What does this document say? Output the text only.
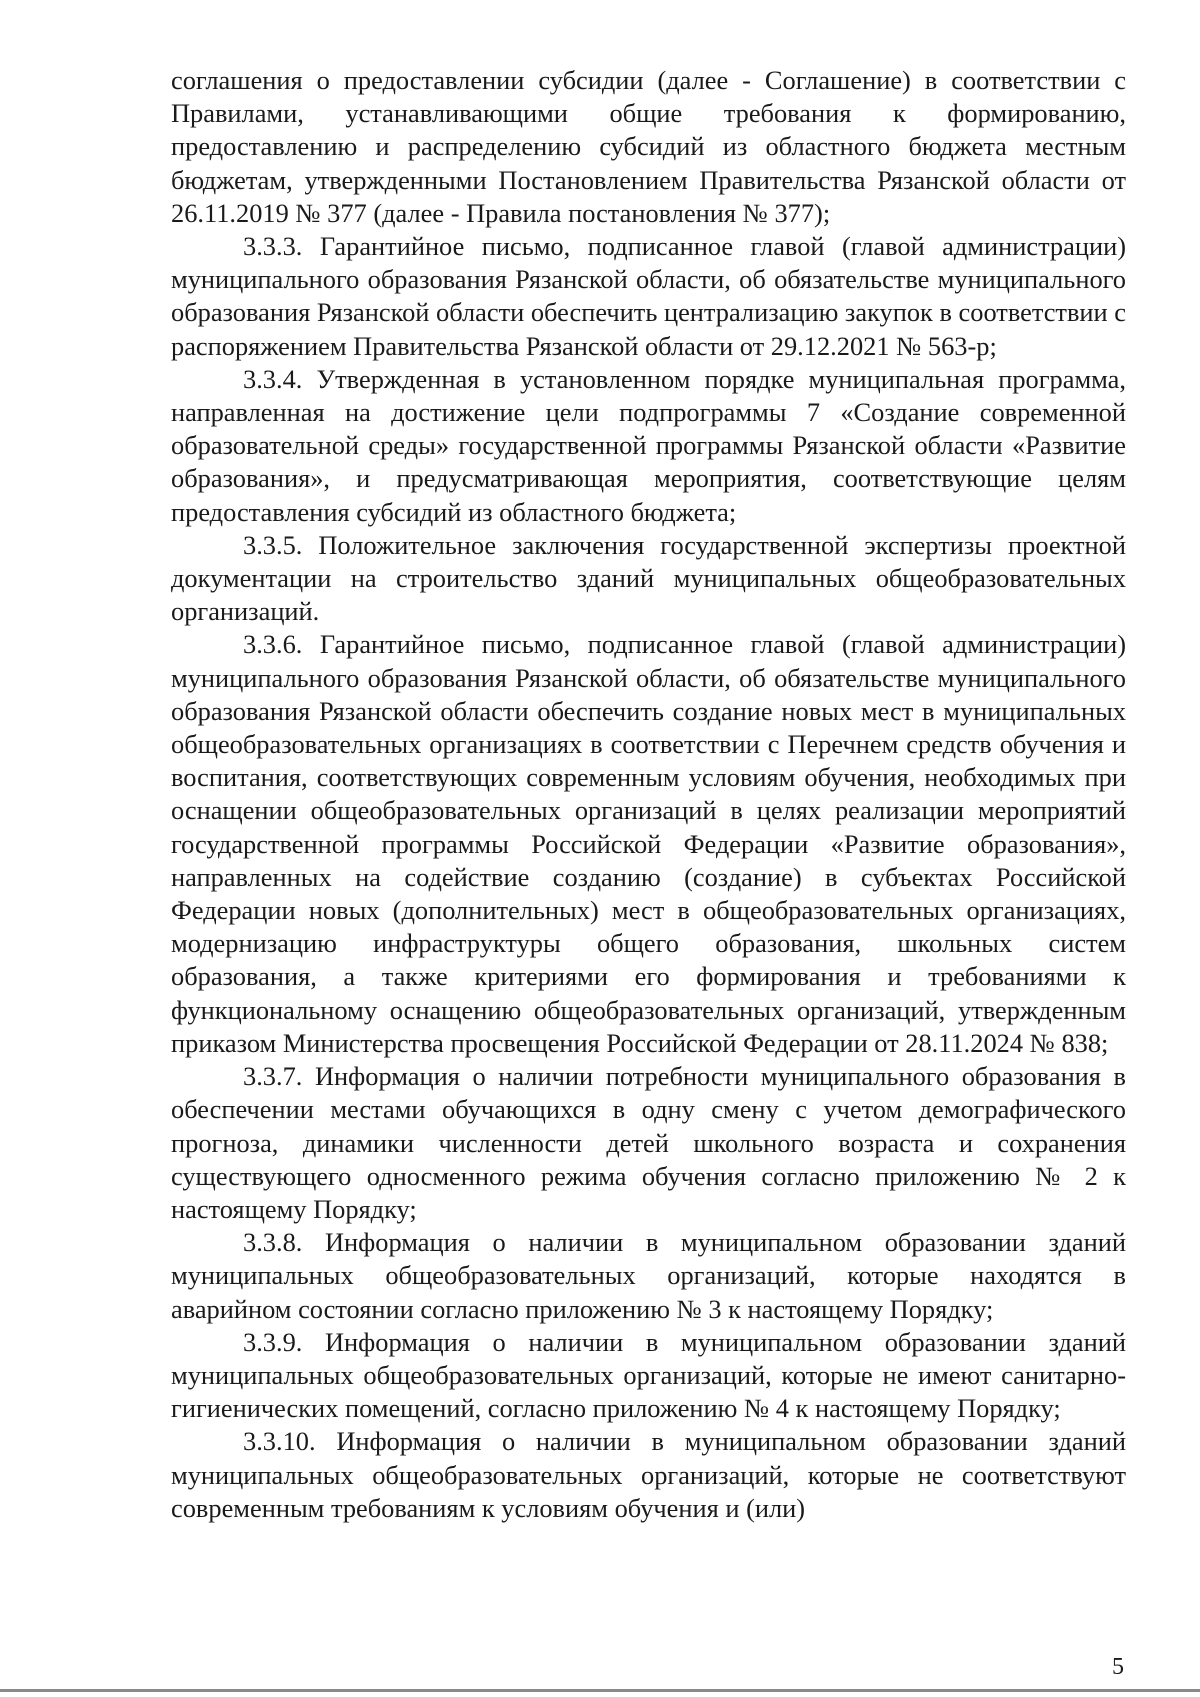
соглашения о предоставлении субсидии (далее - Соглашение) в соответствии с Правилами, устанавливающими общие требования к формированию, предоставлению и распределению субсидий из областного бюджета местным бюджетам, утвержденными Постановлением Правительства Рязанской области от 26.11.2019 № 377 (далее - Правила постановления № 377);

3.3.3. Гарантийное письмо, подписанное главой (главой администрации) муниципального образования Рязанской области, об обязательстве муниципального образования Рязанской области обеспечить централизацию закупок в соответствии с распоряжением Правительства Рязанской области от 29.12.2021 № 563-р;

3.3.4. Утвержденная в установленном порядке муниципальная программа, направленная на достижение цели подпрограммы 7 «Создание современной образовательной среды» государственной программы Рязанской области «Развитие образования», и предусматривающая мероприятия, соответствующие целям предоставления субсидий из областного бюджета;

3.3.5. Положительное заключения государственной экспертизы проектной документации на строительство зданий муниципальных общеобразовательных организаций.

3.3.6. Гарантийное письмо, подписанное главой (главой администрации) муниципального образования Рязанской области, об обязательстве муниципального образования Рязанской области обеспечить создание новых мест в муниципальных общеобразовательных организациях в соответствии с Перечнем средств обучения и воспитания, соответствующих современным условиям обучения, необходимых при оснащении общеобразовательных организаций в целях реализации мероприятий государственной программы Российской Федерации «Развитие образования», направленных на содействие созданию (создание) в субъектах Российской Федерации новых (дополнительных) мест в общеобразовательных организациях, модернизацию инфраструктуры общего образования, школьных систем образования, а также критериями его формирования и требованиями к функциональному оснащению общеобразовательных организаций, утвержденным приказом Министерства просвещения Российской Федерации от 28.11.2024 № 838;

3.3.7. Информация о наличии потребности муниципального образования в обеспечении местами обучающихся в одну смену с учетом демографического прогноза, динамики численности детей школьного возраста и сохранения существующего односменного режима обучения согласно приложению № 2 к настоящему Порядку;

3.3.8. Информация о наличии в муниципальном образовании зданий муниципальных общеобразовательных организаций, которые находятся в аварийном состоянии согласно приложению № 3 к настоящему Порядку;

3.3.9. Информация о наличии в муниципальном образовании зданий муниципальных общеобразовательных организаций, которые не имеют санитарно-гигиенических помещений, согласно приложению № 4 к настоящему Порядку;

3.3.10. Информация о наличии в муниципальном образовании зданий муниципальных общеобразовательных организаций, которые не соответствуют современным требованиям к условиям обучения и (или)

5
